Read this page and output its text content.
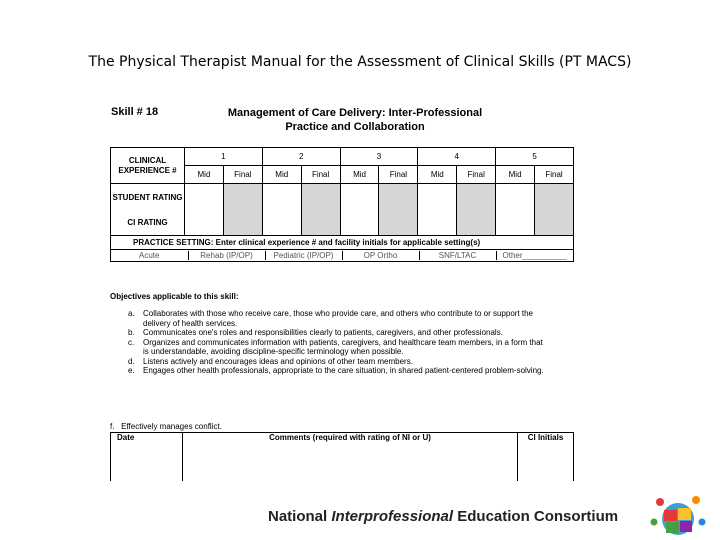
The Physical Therapist Manual for the Assessment of Clinical Skills (PT MACS)
Skill # 18	Management of Care Delivery: Inter-Professional Practice and Collaboration
CLINICAL EXPERIENCE #	1	2	3	4	5
Mid	Final	Mid	Final	Mid	Final	Mid	Final	Mid	Final
STUDENT RATING										
CI RATING
PRACTICE SETTING: Enter clinical experience # and facility initials for applicable setting(s)

Acute	Rehab (IP/OP)	Pediatric (IP/OP)	OP Ortho	SNF/LTAC	Other__________
Objectives applicable to this skill:
a. Collaborates with those who receive care, those who provide care, and others who contribute to or support the delivery of health services.
b. Communicates one's roles and responsibilities clearly to patients, caregivers, and other professionals.
c. Organizes and communicates information with patients, caregivers, and healthcare team members, in a form that is understandable, avoiding discipline-specific terminology when possible.
d. Listens actively and encourages ideas and opinions of other team members.
e. Engages other health professionals, appropriate to the care situation, in shared patient-centered problem-solving.
f. Effectively manages conflict.
Date	Comments (required with rating of NI or U)	CI Initials
National Interprofessional Education Consortium
